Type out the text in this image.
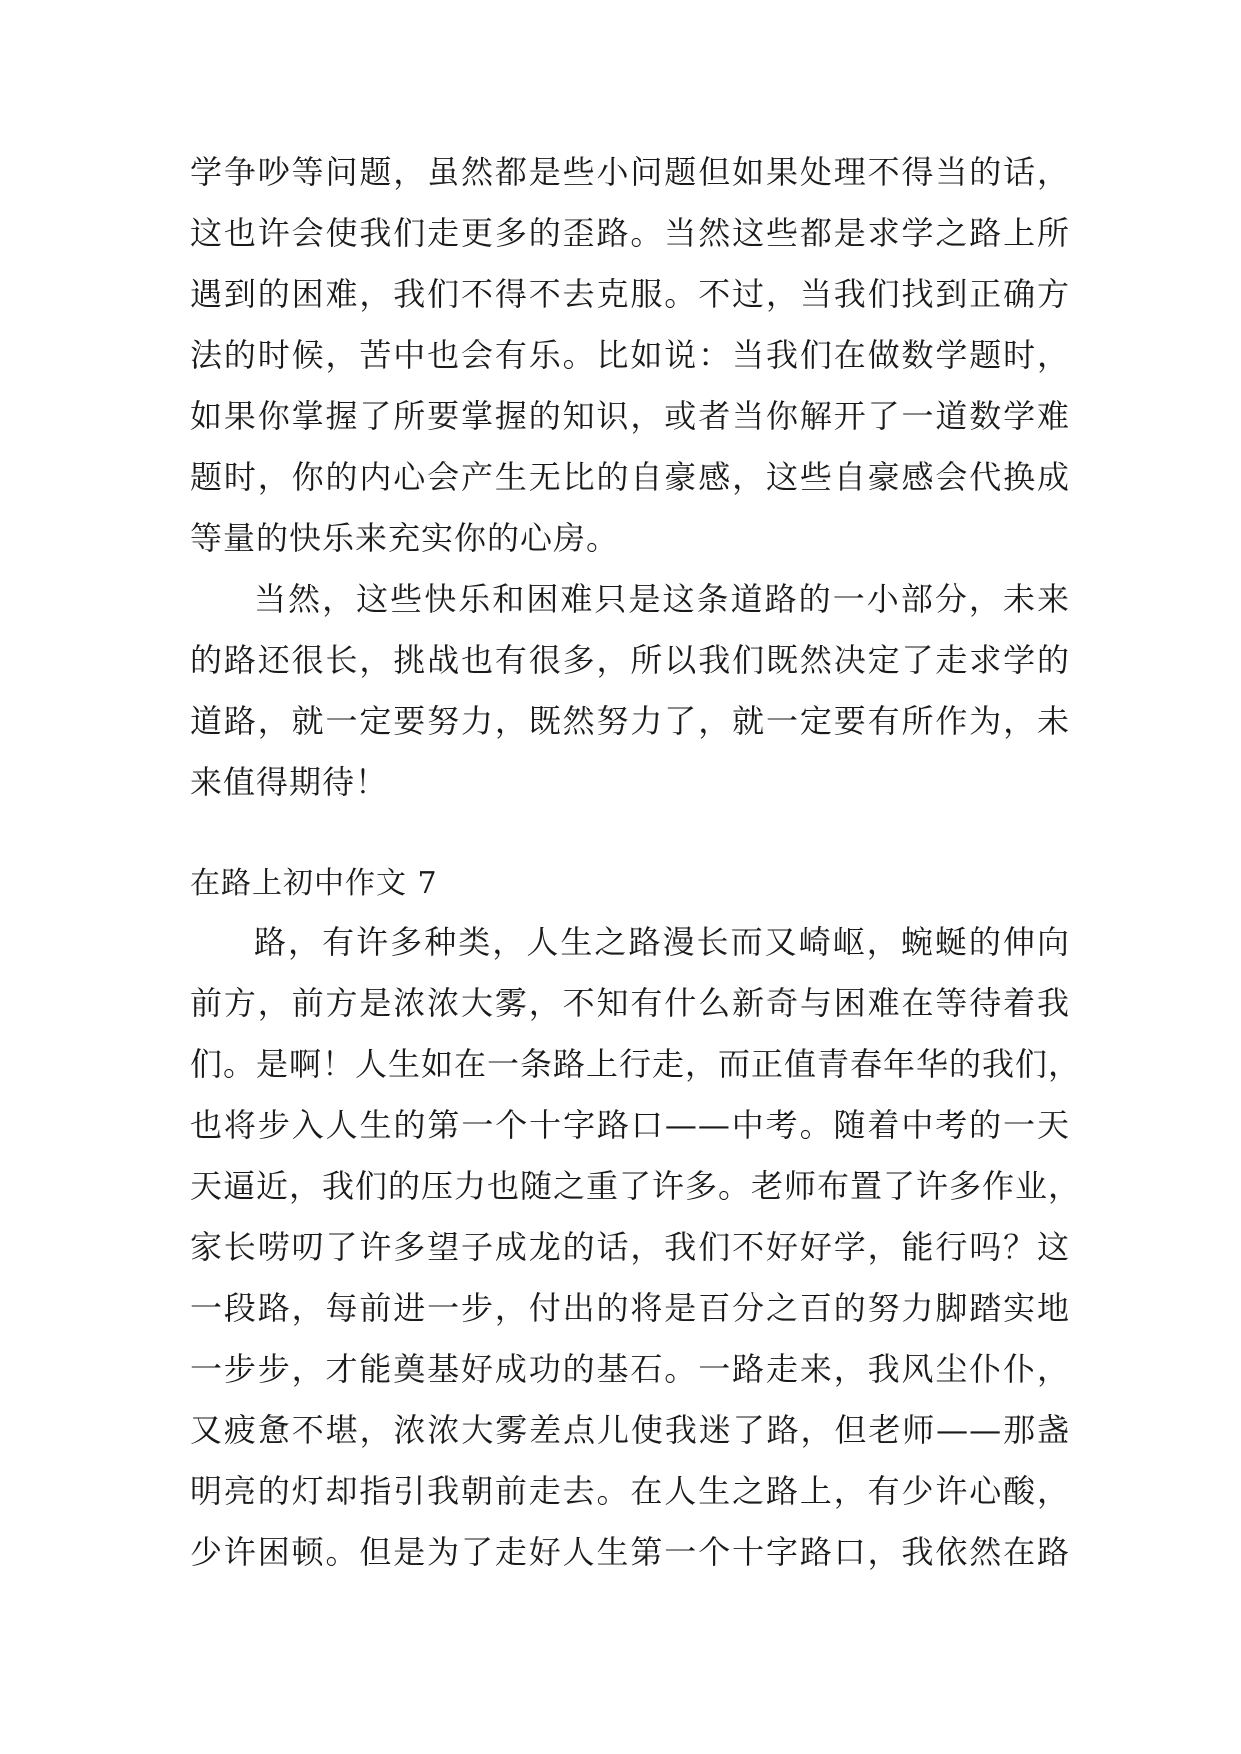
学争吵等问题，虽然都是些小问题但如果处理不得当的话，
这也许会使我们走更多的歪路。当然这些都是求学之路上所
遇到的困难，我们不得不去克服。不过，当我们找到正确方
法的时候，苦中也会有乐。比如说：当我们在做数学题时，
如果你掌握了所要掌握的知识，或者当你解开了一道数学难
题时，你的内心会产生无比的自豪感，这些自豪感会代换成
等量的快乐来充实你的心房。
当然，这些快乐和困难只是这条道路的一小部分，未来
的路还很长，挑战也有很多，所以我们既然决定了走求学的
道路，就一定要努力，既然努力了，就一定要有所作为，未
来值得期待！
在路上初中作文 7
路，有许多种类，人生之路漫长而又崎岖，蜿蜒的伸向
前方，前方是浓浓大雾，不知有什么新奇与困难在等待着我
们。是啊！人生如在一条路上行走，而正值青春年华的我们，
也将步入人生的第一个十字路口——中考。随着中考的一天
天逼近，我们的压力也随之重了许多。老师布置了许多作业，
家长唠叨了许多望子成龙的话，我们不好好学，能行吗？这
一段路，每前进一步，付出的将是百分之百的努力脚踏实地
一步步，才能奠基好成功的基石。一路走来，我风尘仆仆，
又疲惫不堪，浓浓大雾差点儿使我迷了路，但老师——那盏
明亮的灯却指引我朝前走去。在人生之路上，有少许心酸，
少许困顿。但是为了走好人生第一个十字路口，我依然在路
